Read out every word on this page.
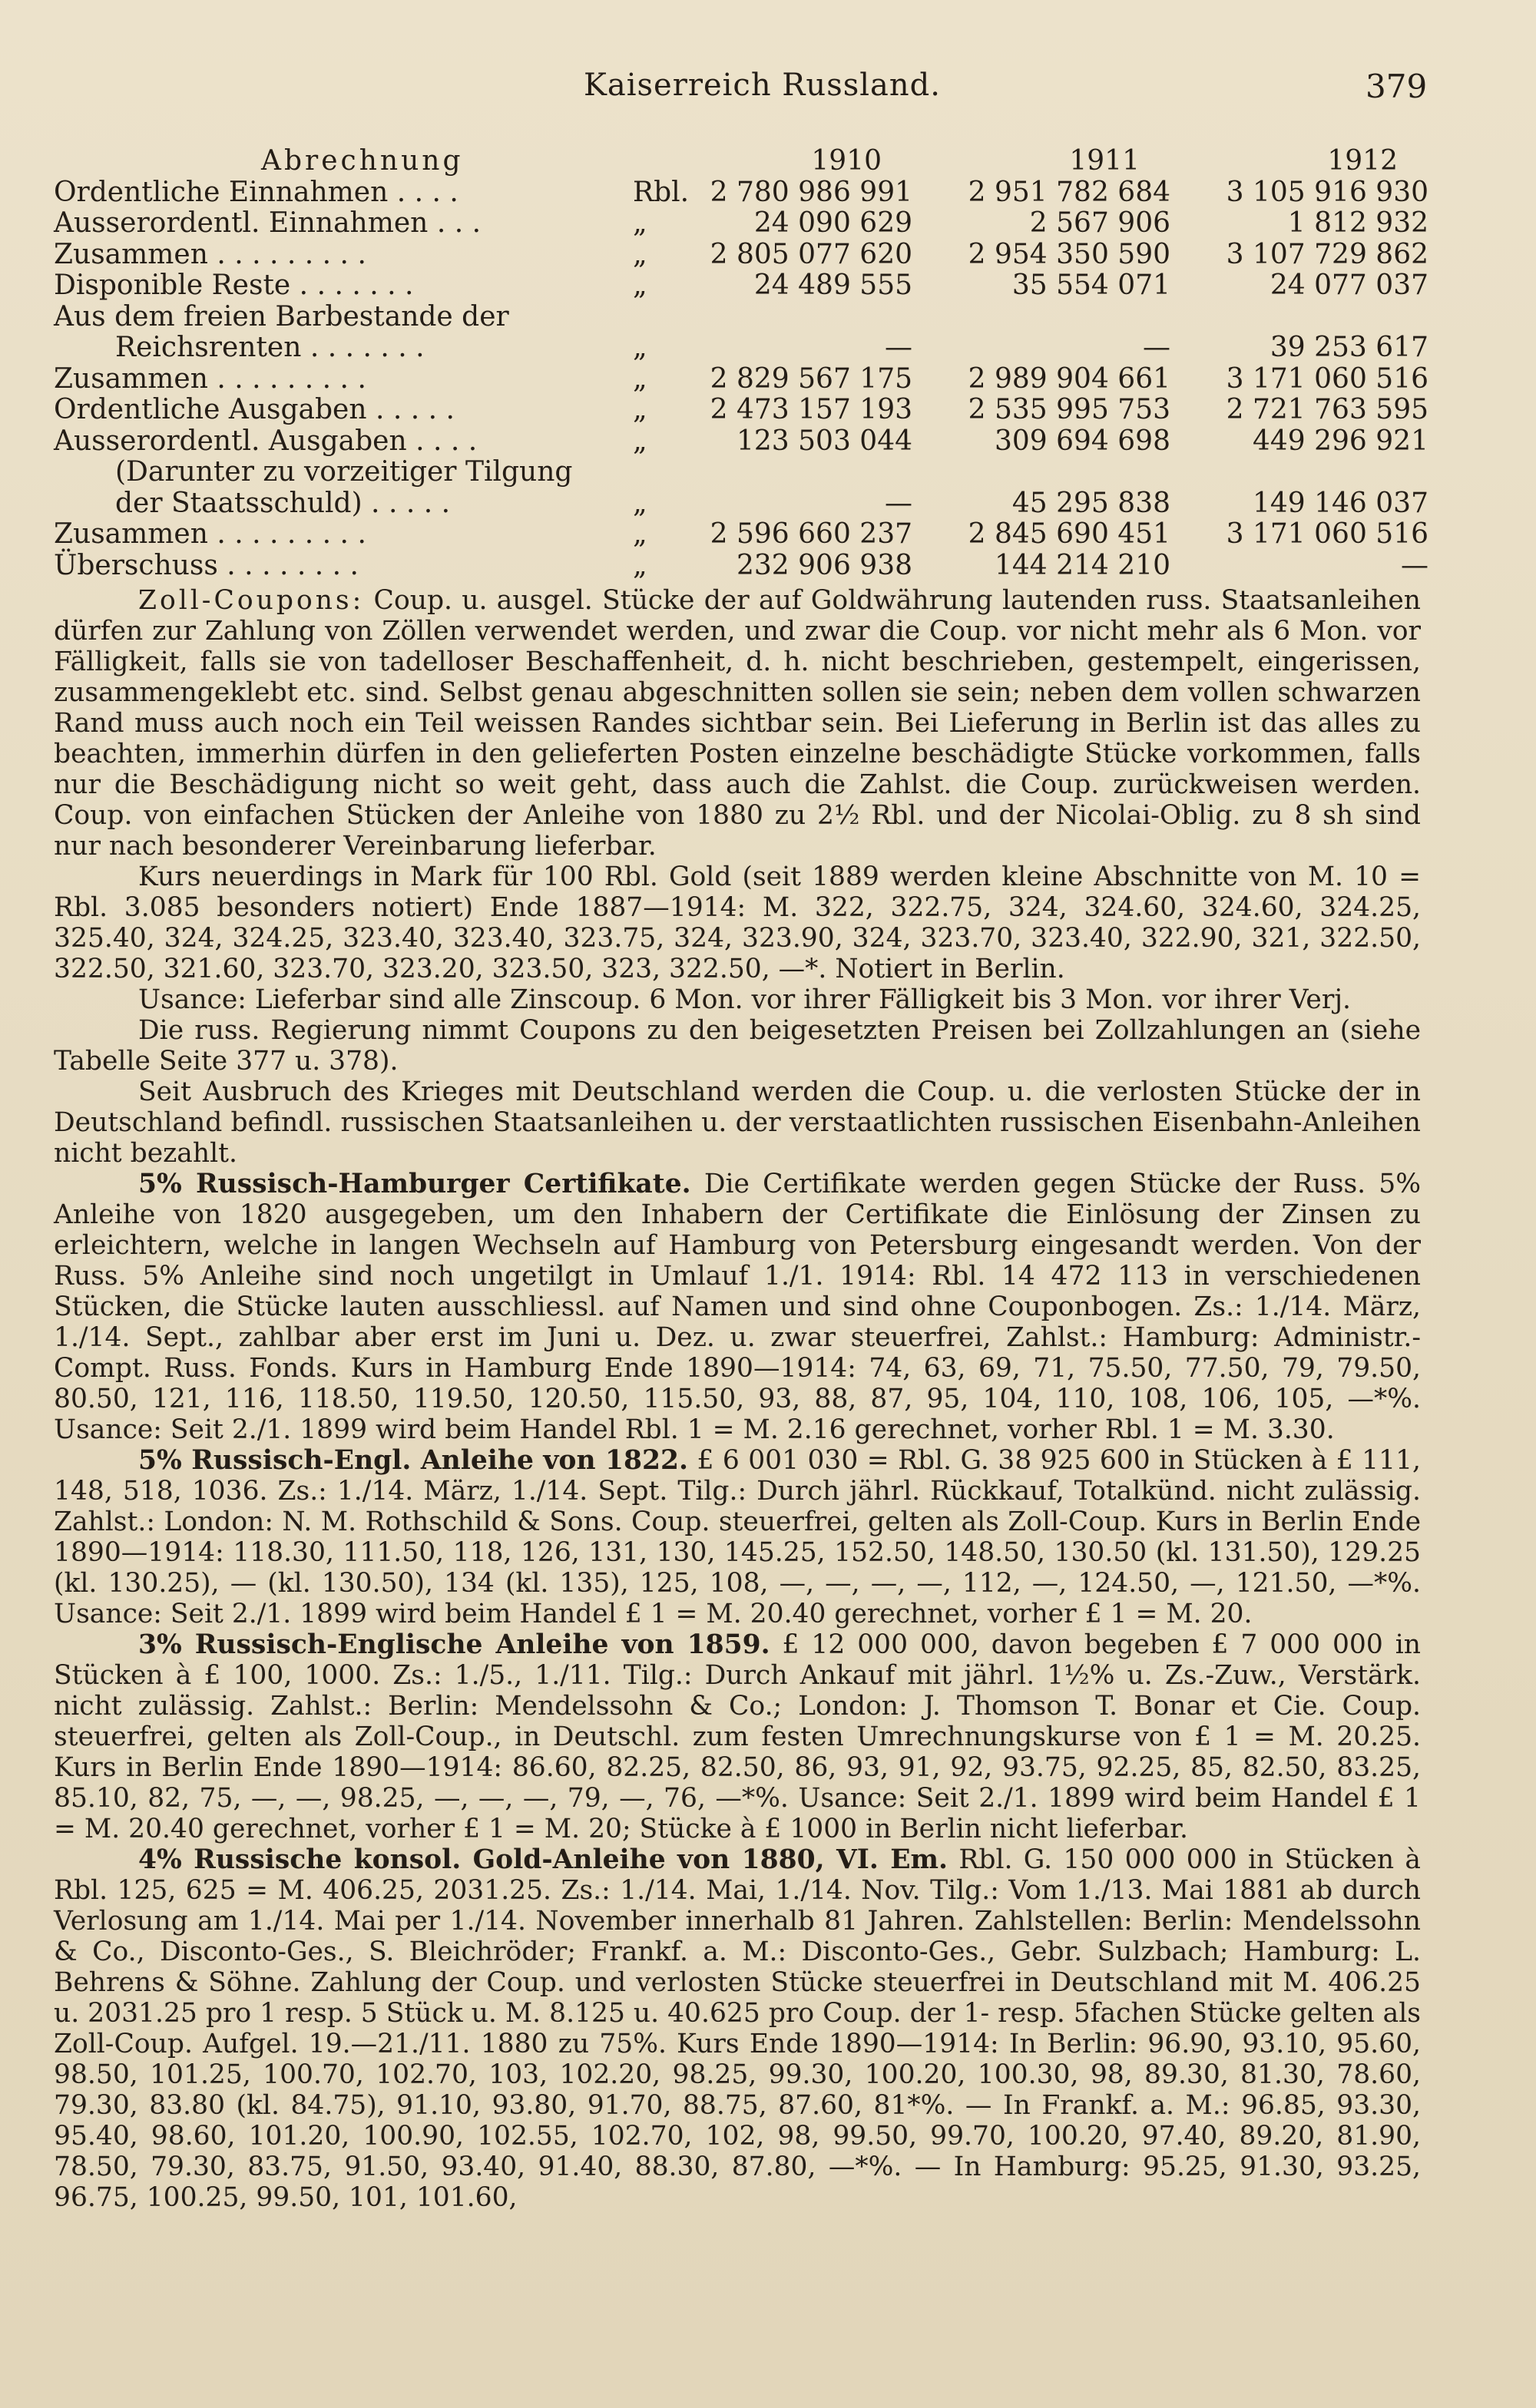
Kaiserreich Russland.	379
Abrechnung		1910	1911	1912
Ordentliche Einnahmen . . . .	Rbl.	2 780 986 991	2 951 782 684	3 105 916 930
Ausserordentl. Einnahmen . . .	„	24 090 629	2 567 906	1 812 932
Zusammen . . . . . . . . .	„	2 805 077 620	2 954 350 590	3 107 729 862
Disponible Reste . . . . . . .	„	24 489 555	35 554 071	24 077 037
Aus dem freien Barbestande der				
Reichsrenten . . . . . . .	„	—	—	39 253 617
Zusammen . . . . . . . . .	„	2 829 567 175	2 989 904 661	3 171 060 516
Ordentliche Ausgaben . . . . .	„	2 473 157 193	2 535 995 753	2 721 763 595
Ausserordentl. Ausgaben . . . .	„	123 503 044	309 694 698	449 296 921
(Darunter zu vorzeitiger Tilgung				
der Staatsschuld) . . . . .	„	—	45 295 838	149 146 037
Zusammen . . . . . . . . .	„	2 596 660 237	2 845 690 451	3 171 060 516
Überschuss . . . . . . . .	„	232 906 938	144 214 210	—

Zoll-Coupons: Coup. u. ausgel. Stücke der auf Goldwährung lautenden russ. Staatsanleihen dürfen zur Zahlung von Zöllen verwendet werden, und zwar die Coup. vor nicht mehr als 6 Mon. vor Fälligkeit, falls sie von tadelloser Beschaffenheit, d. h. nicht beschrieben, gestempelt, eingerissen, zusammengeklebt etc. sind. Selbst genau abgeschnitten sollen sie sein; neben dem vollen schwarzen Rand muss auch noch ein Teil weissen Randes sichtbar sein. Bei Lieferung in Berlin ist das alles zu beachten, immerhin dürfen in den gelieferten Posten einzelne beschädigte Stücke vorkommen, falls nur die Beschädigung nicht so weit geht, dass auch die Zahlst. die Coup. zurückweisen werden. Coup. von einfachen Stücken der Anleihe von 1880 zu 2½ Rbl. und der Nicolai-Oblig. zu 8 sh sind nur nach besonderer Vereinbarung lieferbar.

Kurs neuerdings in Mark für 100 Rbl. Gold (seit 1889 werden kleine Abschnitte von M. 10 = Rbl. 3.085 besonders notiert) Ende 1887—1914: M. 322, 322.75, 324, 324.60, 324.60, 324.25, 325.40, 324, 324.25, 323.40, 323.40, 323.75, 324, 323.90, 324, 323.70, 323.40, 322.90, 321, 322.50, 322.50, 321.60, 323.70, 323.20, 323.50, 323, 322.50, —*. Notiert in Berlin.

Usance: Lieferbar sind alle Zinscoup. 6 Mon. vor ihrer Fälligkeit bis 3 Mon. vor ihrer Verj.

Die russ. Regierung nimmt Coupons zu den beigesetzten Preisen bei Zollzahlungen an (siehe Tabelle Seite 377 u. 378).

Seit Ausbruch des Krieges mit Deutschland werden die Coup. u. die verlosten Stücke der in Deutschland befindl. russischen Staatsanleihen u. der verstaatlichten russischen Eisenbahn-Anleihen nicht bezahlt.

5% Russisch-Hamburger Certifikate. Die Certifikate werden gegen Stücke der Russ. 5% Anleihe von 1820 ausgegeben, um den Inhabern der Certifikate die Einlösung der Zinsen zu erleichtern, welche in langen Wechseln auf Hamburg von Petersburg eingesandt werden. Von der Russ. 5% Anleihe sind noch ungetilgt in Umlauf 1./1. 1914: Rbl. 14 472 113 in verschiedenen Stücken, die Stücke lauten ausschliessl. auf Namen und sind ohne Couponbogen. Zs.: 1./14. März, 1./14. Sept., zahlbar aber erst im Juni u. Dez. u. zwar steuerfrei, Zahlst.: Hamburg: Administr.-Compt. Russ. Fonds. Kurs in Hamburg Ende 1890—1914: 74, 63, 69, 71, 75.50, 77.50, 79, 79.50, 80.50, 121, 116, 118.50, 119.50, 120.50, 115.50, 93, 88, 87, 95, 104, 110, 108, 106, 105, —*%. Usance: Seit 2./1. 1899 wird beim Handel Rbl. 1 = M. 2.16 gerechnet, vorher Rbl. 1 = M. 3.30.

5% Russisch-Engl. Anleihe von 1822. £ 6 001 030 = Rbl. G. 38 925 600 in Stücken à £ 111, 148, 518, 1036. Zs.: 1./14. März, 1./14. Sept. Tilg.: Durch jährl. Rückkauf, Totalkünd. nicht zulässig. Zahlst.: London: N. M. Rothschild & Sons. Coup. steuerfrei, gelten als Zoll-Coup. Kurs in Berlin Ende 1890—1914: 118.30, 111.50, 118, 126, 131, 130, 145.25, 152.50, 148.50, 130.50 (kl. 131.50), 129.25 (kl. 130.25), — (kl. 130.50), 134 (kl. 135), 125, 108, —, —, —, —, 112, —, 124.50, —, 121.50, —*%. Usance: Seit 2./1. 1899 wird beim Handel £ 1 = M. 20.40 gerechnet, vorher £ 1 = M. 20.

3% Russisch-Englische Anleihe von 1859. £ 12 000 000, davon begeben £ 7 000 000 in Stücken à £ 100, 1000. Zs.: 1./5., 1./11. Tilg.: Durch Ankauf mit jährl. 1½% u. Zs.-Zuw., Verstärk. nicht zulässig. Zahlst.: Berlin: Mendelssohn & Co.; London: J. Thomson T. Bonar et Cie. Coup. steuerfrei, gelten als Zoll-Coup., in Deutschl. zum festen Umrechnungskurse von £ 1 = M. 20.25. Kurs in Berlin Ende 1890—1914: 86.60, 82.25, 82.50, 86, 93, 91, 92, 93.75, 92.25, 85, 82.50, 83.25, 85.10, 82, 75, —, —, 98.25, —, —, —, 79, —, 76, —*%. Usance: Seit 2./1. 1899 wird beim Handel £ 1 = M. 20.40 gerechnet, vorher £ 1 = M. 20; Stücke à £ 1000 in Berlin nicht lieferbar.

4% Russische konsol. Gold-Anleihe von 1880, VI. Em. Rbl. G. 150 000 000 in Stücken à Rbl. 125, 625 = M. 406.25, 2031.25. Zs.: 1./14. Mai, 1./14. Nov. Tilg.: Vom 1./13. Mai 1881 ab durch Verlosung am 1./14. Mai per 1./14. November innerhalb 81 Jahren. Zahlstellen: Berlin: Mendelssohn & Co., Disconto-Ges., S. Bleichröder; Frankf. a. M.: Disconto-Ges., Gebr. Sulzbach; Hamburg: L. Behrens & Söhne. Zahlung der Coup. und verlosten Stücke steuerfrei in Deutschland mit M. 406.25 u. 2031.25 pro 1 resp. 5 Stück u. M. 8.125 u. 40.625 pro Coup. der 1- resp. 5fachen Stücke gelten als Zoll-Coup. Aufgel. 19.—21./11. 1880 zu 75%. Kurs Ende 1890—1914: In Berlin: 96.90, 93.10, 95.60, 98.50, 101.25, 100.70, 102.70, 103, 102.20, 98.25, 99.30, 100.20, 100.30, 98, 89.30, 81.30, 78.60, 79.30, 83.80 (kl. 84.75), 91.10, 93.80, 91.70, 88.75, 87.60, 81*%. — In Frankf. a. M.: 96.85, 93.30, 95.40, 98.60, 101.20, 100.90, 102.55, 102.70, 102, 98, 99.50, 99.70, 100.20, 97.40, 89.20, 81.90, 78.50, 79.30, 83.75, 91.50, 93.40, 91.40, 88.30, 87.80, —*%. — In Hamburg: 95.25, 91.30, 93.25, 96.75, 100.25, 99.50, 101, 101.60,
